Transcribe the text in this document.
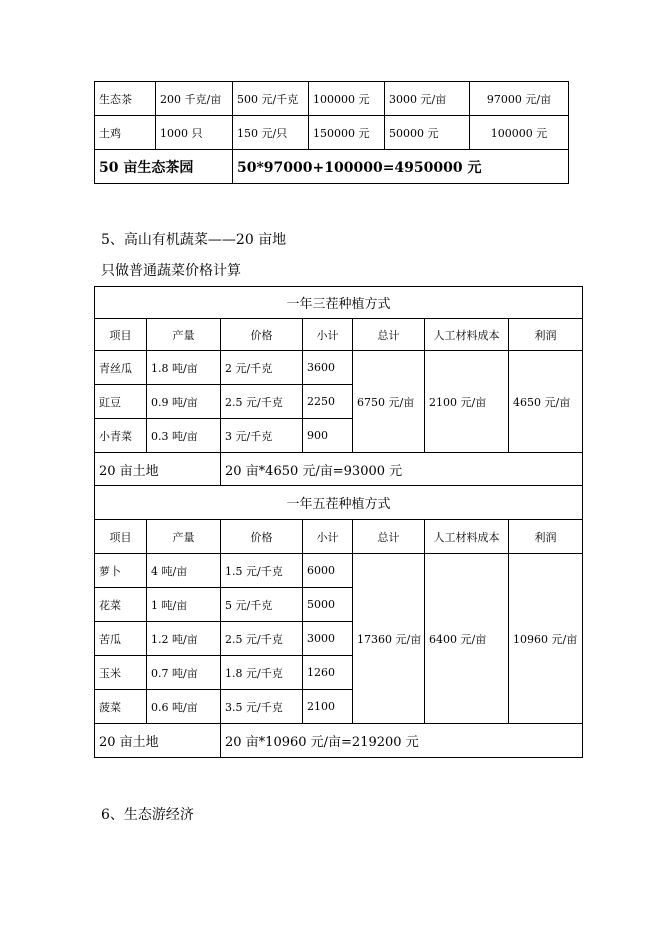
生态茶	200 千克/亩	500 元/千克	100000 元	3000 元/亩	97000 元/亩
土鸡	1000 只	150 元/只	150000 元	50000 元	100000 元
50 亩生态茶园		50*97000+100000=4950000 元			
5、高山有机蔬菜——20 亩地
只做普通蔬菜价格计算
一年三茬种植方式						
项目	产量	价格	小计	总计	人工材料成本	利润
青丝瓜	1.8 吨/亩	2 元/千克	3600	6750 元/亩	2100 元/亩	4650 元/亩
豇豆	0.9 吨/亩	2.5 元/千克	2250			
小青菜	0.3 吨/亩	3 元/千克	900			
20 亩土地		20 亩*4650 元/亩=93000 元				
一年五茬种植方式						
项目	产量	价格	小计	总计	人工材料成本	利润
萝卜	4 吨/亩	1.5 元/千克	6000	17360 元/亩	6400 元/亩	10960 元/亩
花菜	1 吨/亩	5 元/千克	5000			
苦瓜	1.2 吨/亩	2.5 元/千克	3000			
玉米	0.7 吨/亩	1.8 元/千克	1260			
菠菜	0.6 吨/亩	3.5 元/千克	2100			
20 亩土地		20 亩*10960 元/亩=219200 元				
6、生态游经济
